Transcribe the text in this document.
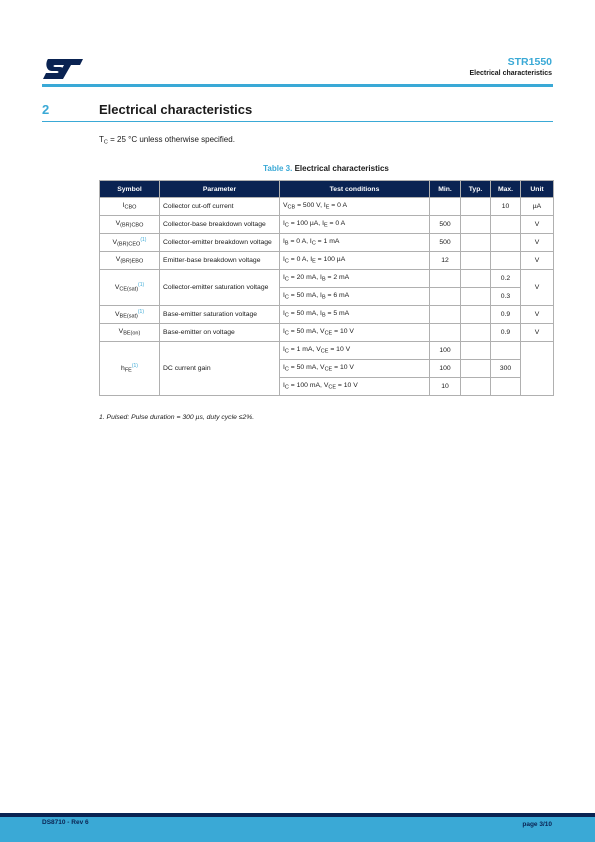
STR1550
Electrical characteristics
2	Electrical characteristics
$T_C = 25$ °C unless otherwise specified.
Table 3. Electrical characteristics
Symbol	Parameter	Test conditions	Min.	Typ.	Max.	Unit
$I_{CBO}$	Collector cut-off current	$V_{CB} = 500$ V, $I_E = 0$ A			10	µA
$V_{(BR)CBO}$	Collector-base breakdown voltage	$I_C = 100$ µA, $I_E = 0$ A	500			V
$V_{(BR)CEO}^{(1)}$	Collector-emitter breakdown voltage	$I_B = 0$ A, $I_C = 1$ mA	500			V
$V_{(BR)EBO}$	Emitter-base breakdown voltage	$I_C = 0$ A, $I_E = 100$ µA	12			V
$V_{CE(sat)}^{(1)}$	Collector-emitter saturation voltage	$I_C = 20$ mA, $I_B = 2$ mA			0.2	V
		$I_C = 50$ mA, $I_B = 6$ mA			0.3	
$V_{BE(sat)}^{(1)}$	Base-emitter saturation voltage	$I_C = 50$ mA, $I_B = 5$ mA			0.9	V
$V_{BE(on)}$	Base-emitter on voltage	$I_C = 50$ mA, $V_{CE} = 10$ V			0.9	V
$h_{FE}^{(1)}$	DC current gain	$I_C = 1$ mA, $V_{CE} = 10$ V	100			
		$I_C = 50$ mA, $V_{CE} = 10$ V	100		300	
		$I_C = 100$ mA, $V_{CE} = 10$ V	10			
1. Pulsed: Pulse duration = 300 µs, duty cycle ≤2%.
DS8710 - Rev 6	page 3/10
